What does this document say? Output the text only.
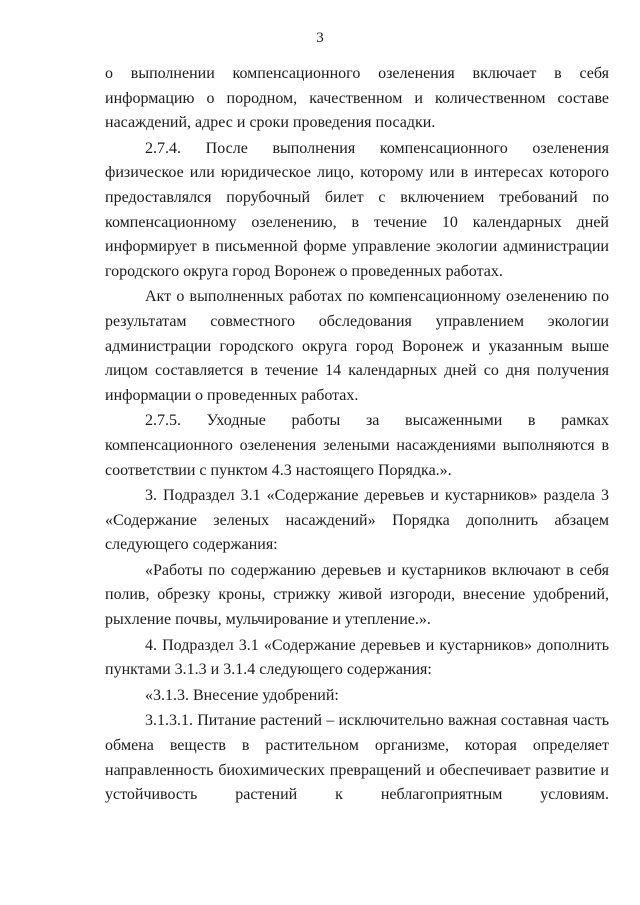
3

о выполнении компенсационного озеленения включает в себя информацию о породном, качественном и количественном составе насаждений, адрес и сроки проведения посадки.

2.7.4. После выполнения компенсационного озеленения физическое или юридическое лицо, которому или в интересах которого предоставлялся порубочный билет с включением требований по компенсационному озеленению, в течение 10 календарных дней информирует в письменной форме управление экологии администрации городского округа город Воронеж о проведенных работах.

Акт о выполненных работах по компенсационному озеленению по результатам совместного обследования управлением экологии администрации городского округа город Воронеж и указанным выше лицом составляется в течение 14 календарных дней со дня получения информации о проведенных работах.

2.7.5. Уходные работы за высаженными в рамках компенсационного озеленения зелеными насаждениями выполняются в соответствии с пунктом 4.3 настоящего Порядка.».

3. Подраздел 3.1 «Содержание деревьев и кустарников» раздела 3 «Содержание зеленых насаждений» Порядка дополнить абзацем следующего содержания:

«Работы по содержанию деревьев и кустарников включают в себя полив, обрезку кроны, стрижку живой изгороди, внесение удобрений, рыхление почвы, мульчирование и утепление.».

4. Подраздел 3.1 «Содержание деревьев и кустарников» дополнить пунктами 3.1.3 и 3.1.4 следующего содержания:

«3.1.3. Внесение удобрений:

3.1.3.1. Питание растений – исключительно важная составная часть обмена веществ в растительном организме, которая определяет направленность биохимических превращений и обеспечивает развитие и устойчивость растений к неблагоприятным условиям.
